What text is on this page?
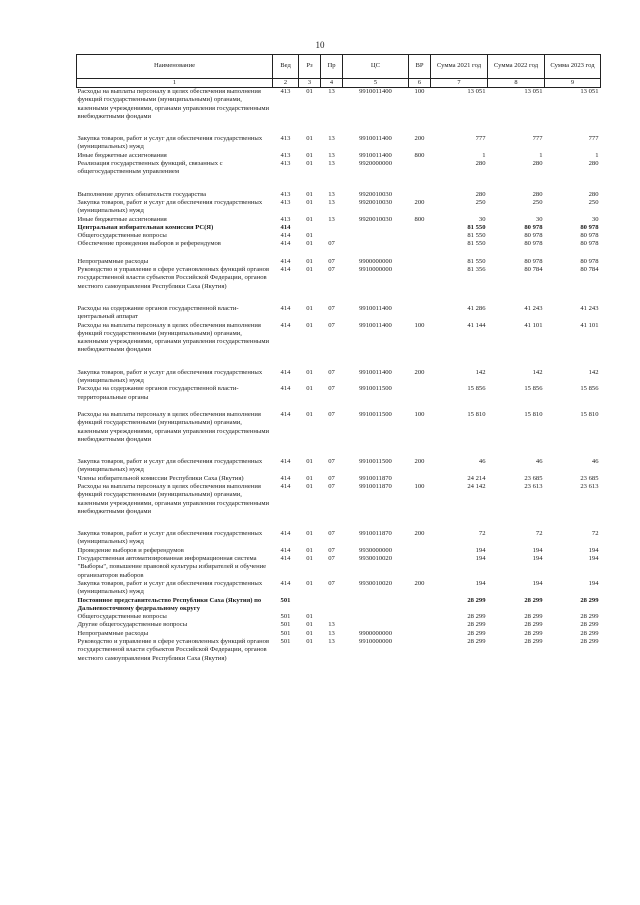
10
Наименование	Вед	Рз	Пр	ЦС	ВР	Сумма 2021 год	Сумма 2022 год	Сумма 2023 год
1	2	3	4	5	6	7	8	9
Расходы на выплаты персоналу в целях обеспечения выполнения функций государственными (муниципальными) органами, казенными учреждениями, органами управления государственными внебюджетными фондами	413	01	13	9910011400	100	13 051	13 051	13 051
Закупка товаров, работ и услуг для обеспечения государственных (муниципальных) нужд	413	01	13	9910011400	200	777	777	777
Иные бюджетные ассигнования	413	01	13	9910011400	800	1	1	1
Реализация государственных функций, связанных с общегосударственным управлением	413	01	13	9920000000		280	280	280
Выполнение других обязательств государства	413	01	13	9920010030		280	280	280
Закупка товаров, работ и услуг для обеспечения государственных (муниципальных) нужд	413	01	13	9920010030	200	250	250	250
Иные бюджетные ассигнования	413	01	13	9920010030	800	30	30	30
Центральная избирательная комиссия РС(Я)	414					81 550	80 978	80 978
Общегосударственные вопросы	414	01				81 550	80 978	80 978
Обеспечение проведения выборов и референдумов	414	01	07			81 550	80 978	80 978
Непрограммные расходы	414	01	07	9900000000		81 550	80 978	80 978
Руководство и управление в сфере установленных функций органов государственной власти субъектов Российской Федерации, органов местного самоуправления Республики Саха (Якутия)	414	01	07	9910000000		81 356	80 784	80 784
Расходы на содержание органов государственной власти- центральный аппарат	414	01	07	9910011400		41 286	41 243	41 243
Расходы на выплаты персоналу в целях обеспечения выполнения функций государственными (муниципальными) органами, казенными учреждениями, органами управления государственными внебюджетными фондами	414	01	07	9910011400	100	41 144	41 101	41 101
Закупка товаров, работ и услуг для обеспечения государственных (муниципальных) нужд	414	01	07	9910011400	200	142	142	142
Расходы на содержание органов государственной власти- территориальные органы	414	01	07	9910011500		15 856	15 856	15 856
Расходы на выплаты персоналу в целях обеспечения выполнения функций государственными (муниципальными) органами, казенными учреждениями, органами управления государственными внебюджетными фондами	414	01	07	9910011500	100	15 810	15 810	15 810
Закупка товаров, работ и услуг для обеспечения государственных (муниципальных) нужд	414	01	07	9910011500	200	46	46	46
Члены избирательной комиссии Республики Саха (Якутия)	414	01	07	9910011870		24 214	23 685	23 685
Расходы на выплаты персоналу в целях обеспечения выполнения функций государственными (муниципальными) органами, казенными учреждениями, органами управления государственными внебюджетными фондами	414	01	07	9910011870	100	24 142	23 613	23 613
Закупка товаров, работ и услуг для обеспечения государственных (муниципальных) нужд	414	01	07	9910011870	200	72	72	72
Проведение выборов и референдумов	414	01	07	9930000000		194	194	194
Государственная автоматизированная информационная система "Выборы", повышение правовой культуры избирателей и обучение организаторов выборов	414	01	07	9930010020		194	194	194
Закупка товаров, работ и услуг для обеспечения государственных (муниципальных) нужд	414	01	07	9930010020	200	194	194	194
Постоянное представительство Республики Саха (Якутия) по Дальневосточному федеральному округу	501					28 299	28 299	28 299
Общегосударственные вопросы	501	01				28 299	28 299	28 299
Другие общегосударственные вопросы	501	01	13			28 299	28 299	28 299
Непрограммные расходы	501	01	13	9900000000		28 299	28 299	28 299
Руководство и управление в сфере установленных функций органов государственной власти субъектов Российской Федерации, органов местного самоуправления Республики Саха (Якутия)	501	01	13	9910000000		28 299	28 299	28 299
